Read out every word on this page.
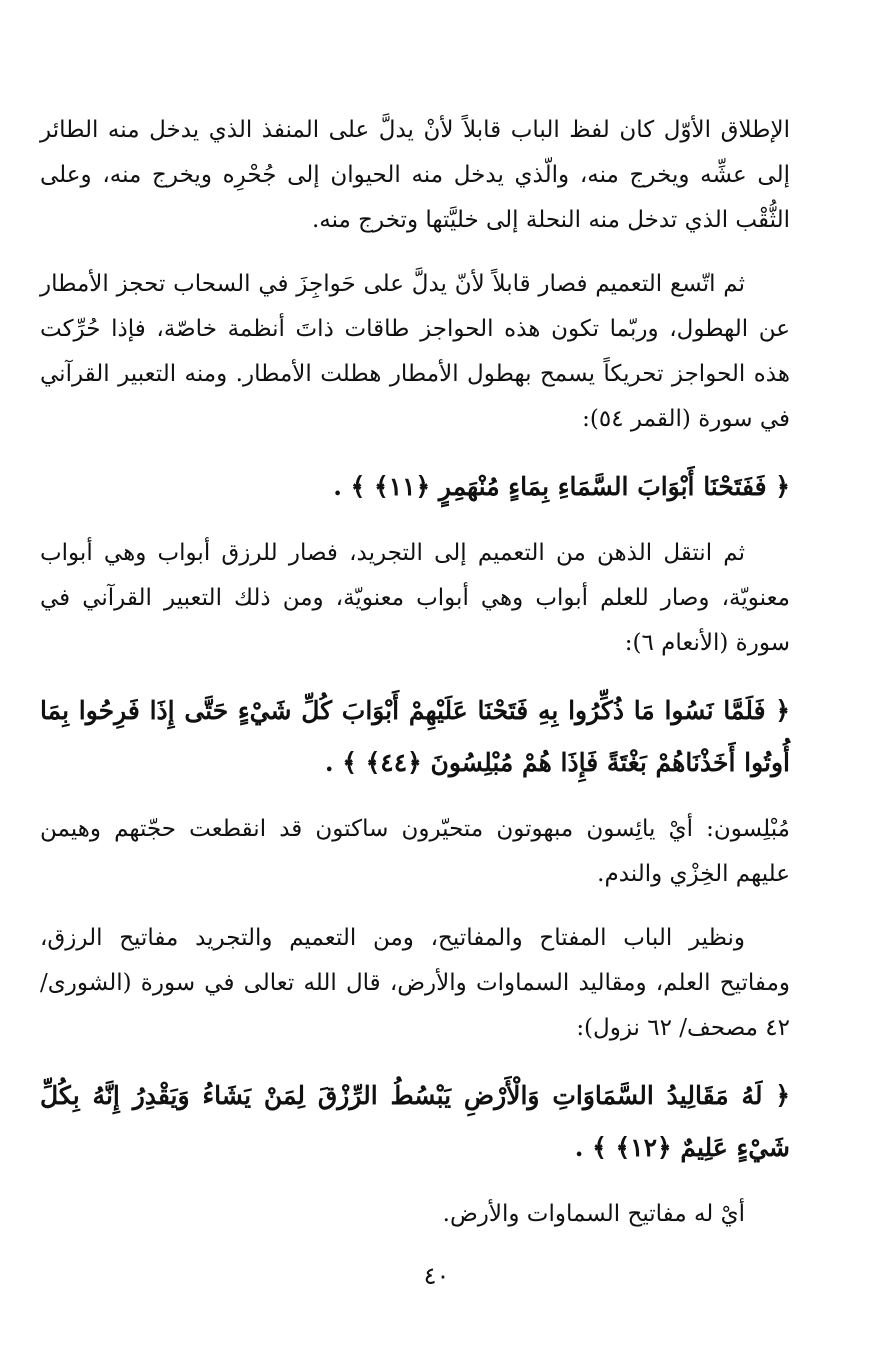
الإطلاق الأوّل كان لفظ الباب قابلاً لأنْ يدلَّ على المنفذ الذي يدخل منه الطائر إلى عشِّه ويخرج منه، والّذي يدخل منه الحيوان إلى جُحْرِه ويخرج منه، وعلى الثُّقْب الذي تدخل منه النحلة إلى خليَّتها وتخرج منه.

ثم اتّسع التعميم فصار قابلاً لأنّ يدلَّ على حَواجِزَ في السحاب تحجز الأمطار عن الهطول، وربّما تكون هذه الحواجز طاقات ذاتَ أنظمة خاصّة، فإذا حُرِّكت هذه الحواجز تحريكاً يسمح بهطول الأمطار هطلت الأمطار. ومنه التعبير القرآني في سورة (القمر ٥٤):

﴿ فَفَتَحْنَا أَبْوَابَ السَّمَاءِ بِمَاءٍ مُنْهَمِرٍ ﴿١١﴾ ﴾ .

ثم انتقل الذهن من التعميم إلى التجريد، فصار للرزق أبواب وهي أبواب معنويّة، وصار للعلم أبواب وهي أبواب معنويّة، ومن ذلك التعبير القرآني في سورة (الأنعام ٦):

﴿ فَلَمَّا نَسُوا مَا ذُكِّرُوا بِهِ فَتَحْنَا عَلَيْهِمْ أَبْوَابَ كُلِّ شَيْءٍ حَتَّى إِذَا فَرِحُوا بِمَا أُوتُوا أَخَذْنَاهُمْ بَغْتَةً فَإِذَا هُمْ مُبْلِسُونَ ﴿٤٤﴾ ﴾ .

مُبْلِسون: أيْ يائِسون مبهوتون متحيّرون ساكتون قد انقطعت حجّتهم وهيمن عليهم الخِزْي والندم.

ونظير الباب المفتاح والمفاتيح، ومن التعميم والتجريد مفاتيح الرزق، ومفاتيح العلم، ومقاليد السماوات والأرض، قال الله تعالى في سورة (الشورى/ ٤٢ مصحف/ ٦٢ نزول):

﴿ لَهُ مَقَالِيدُ السَّمَاوَاتِ وَالْأَرْضِ يَبْسُطُ الرِّزْقَ لِمَنْ يَشَاءُ وَيَقْدِرُ إِنَّهُ بِكُلِّ شَيْءٍ عَلِيمٌ ﴿١٢﴾ ﴾ .

أيْ له مفاتيح السماوات والأرض.

٤٠
